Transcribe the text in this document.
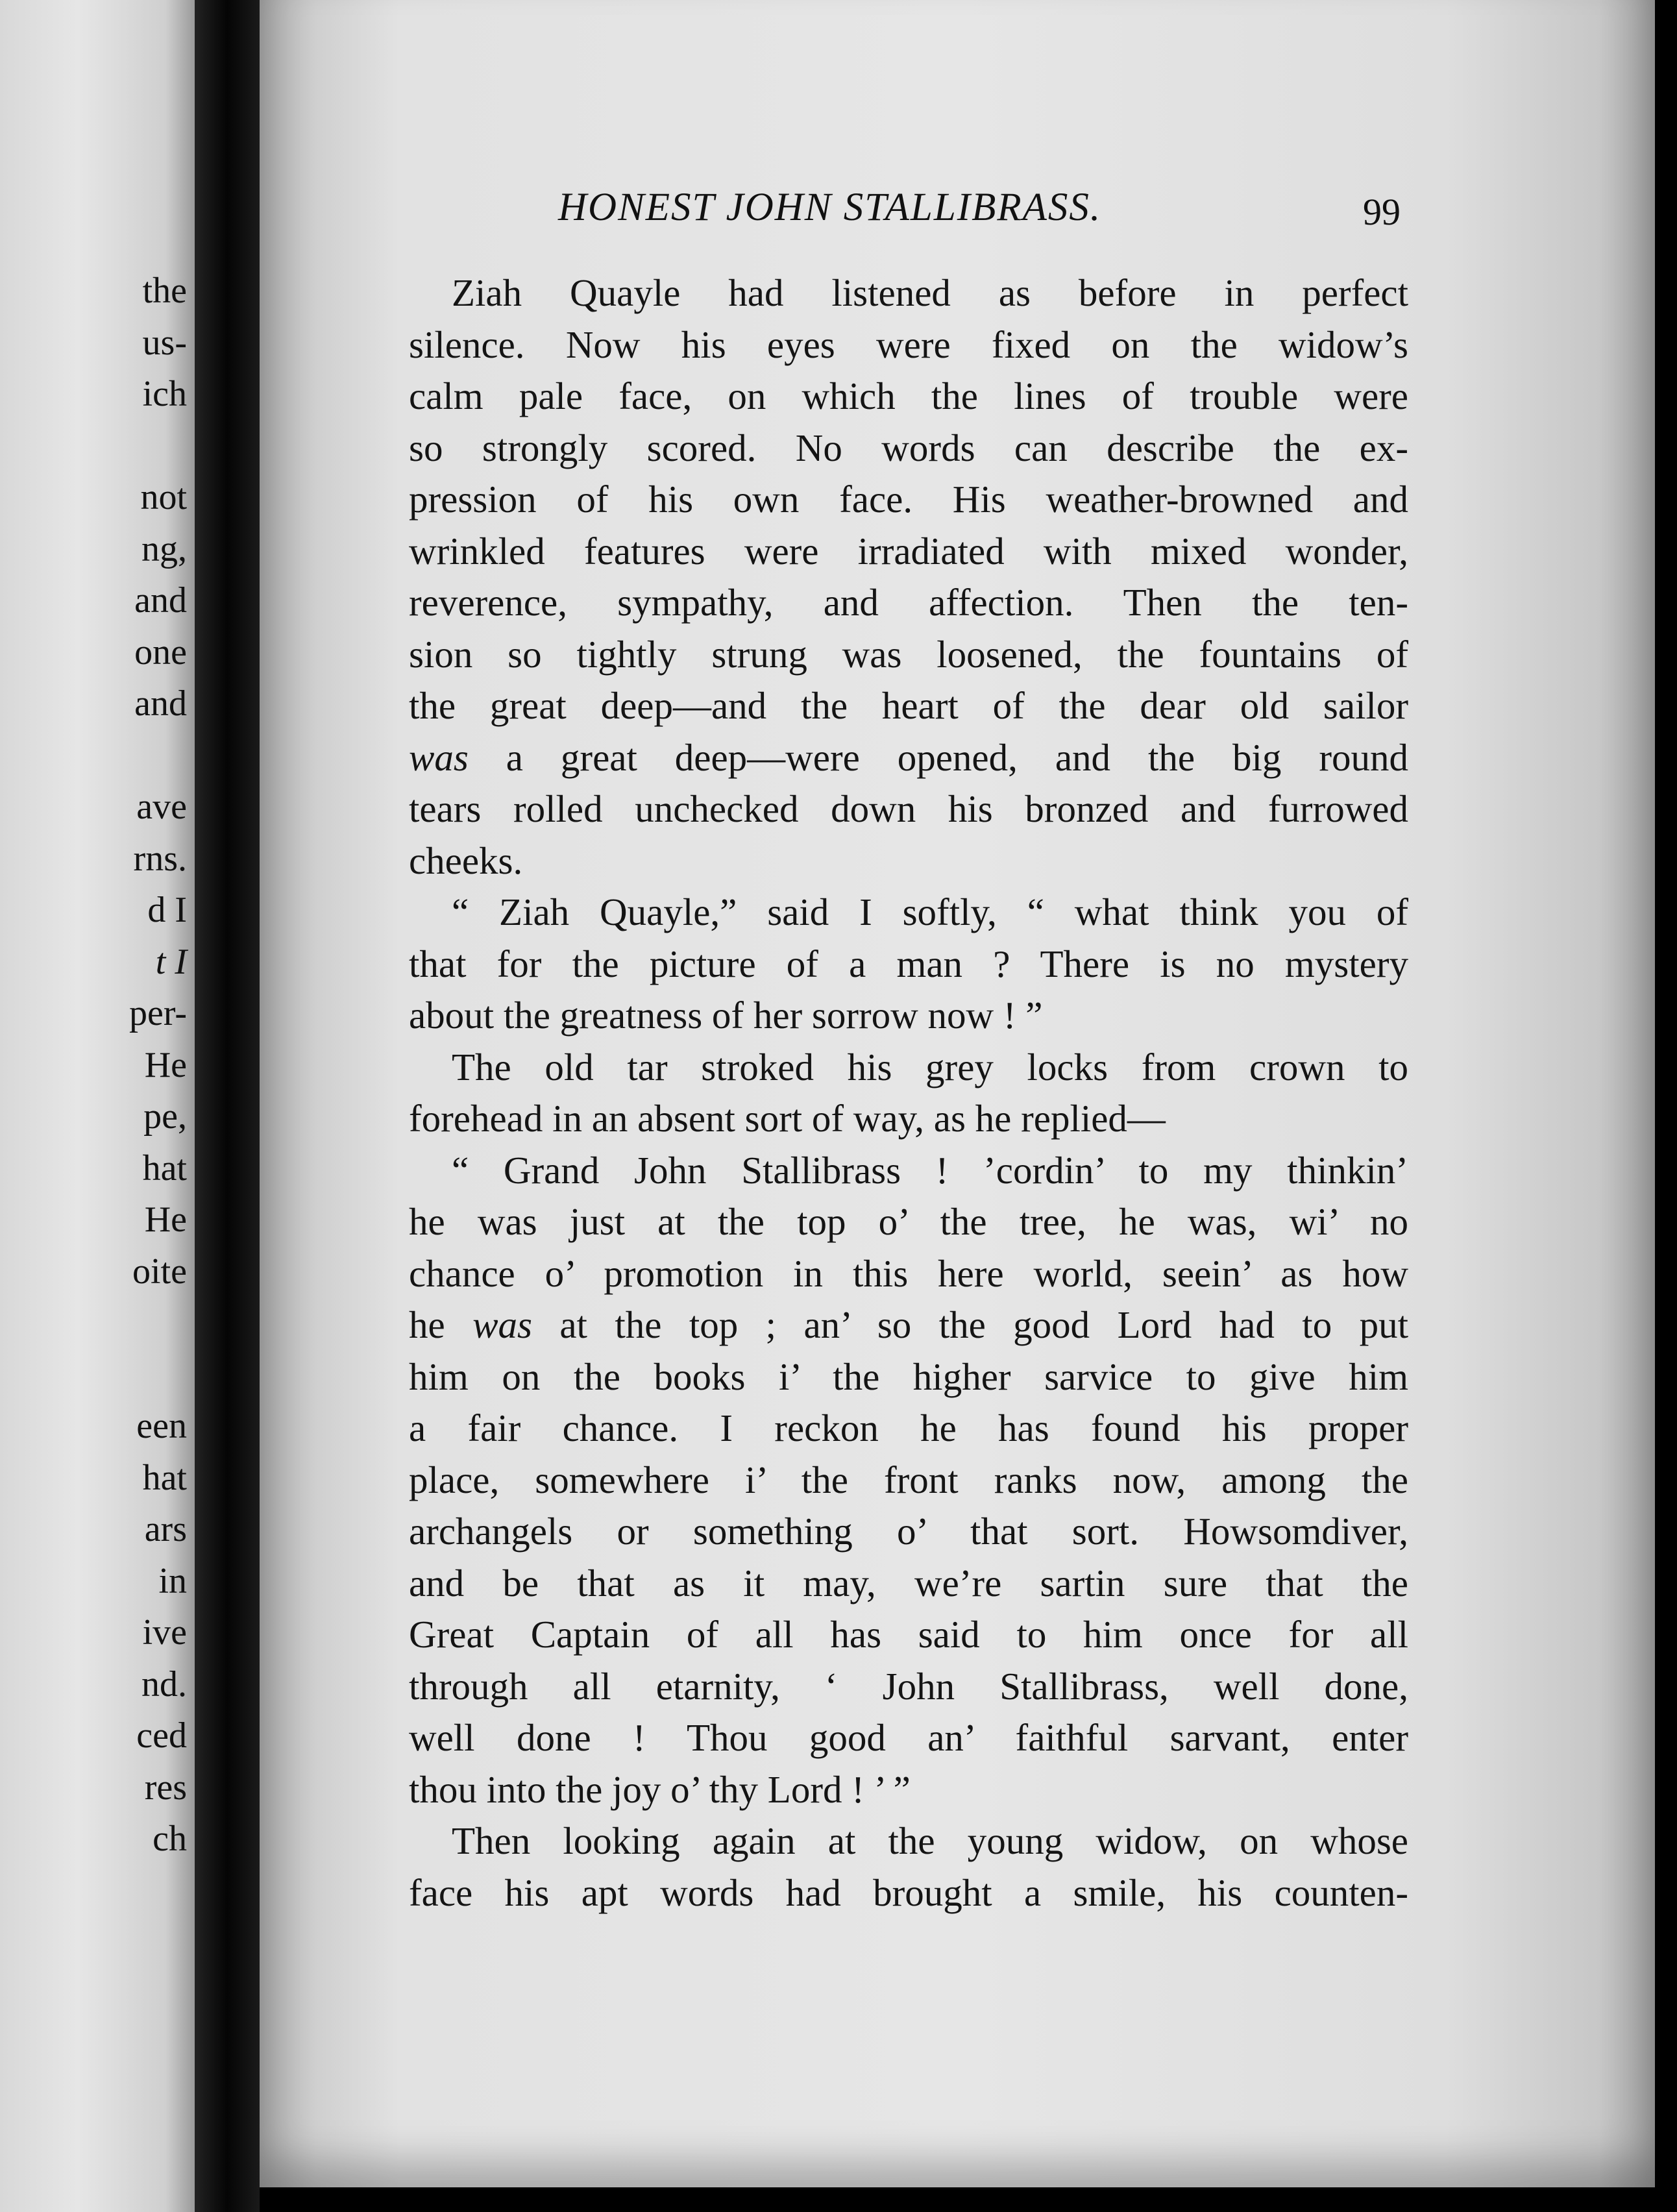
the
us-
ich
not
ng,
and
one
and
ave
rns.
d I
t I
per-
He
pe,
hat
He
oite
een
hat
ars
in
ive
nd.
ced
res
ch
HONEST JOHN STALLIBRASS.	99
Ziah Quayle had listened as before in perfect
silence. Now his eyes were fixed on the widow’s
calm pale face, on which the lines of trouble were
so strongly scored. No words can describe the ex-
pression of his own face. His weather-browned and
wrinkled features were irradiated with mixed wonder,
reverence, sympathy, and affection. Then the ten-
sion so tightly strung was loosened, the fountains of
the great deep—and the heart of the dear old sailor
was a great deep—were opened, and the big round
tears rolled unchecked down his bronzed and furrowed
cheeks.
“ Ziah Quayle,” said I softly, “ what think you of
that for the picture of a man ? There is no mystery
about the greatness of her sorrow now ! ”
The old tar stroked his grey locks from crown to
forehead in an absent sort of way, as he replied—
“ Grand John Stallibrass ! ’cordin’ to my thinkin’
he was just at the top o’ the tree, he was, wi’ no
chance o’ promotion in this here world, seein’ as how
he was at the top ; an’ so the good Lord had to put
him on the books i’ the higher sarvice to give him
a fair chance. I reckon he has found his proper
place, somewhere i’ the front ranks now, among the
archangels or something o’ that sort. Howsomdiver,
and be that as it may, we’re sartin sure that the
Great Captain of all has said to him once for all
through all etarnity, ‘ John Stallibrass, well done,
well done ! Thou good an’ faithful sarvant, enter
thou into the joy o’ thy Lord ! ’ ”
Then looking again at the young widow, on whose
face his apt words had brought a smile, his counten-
